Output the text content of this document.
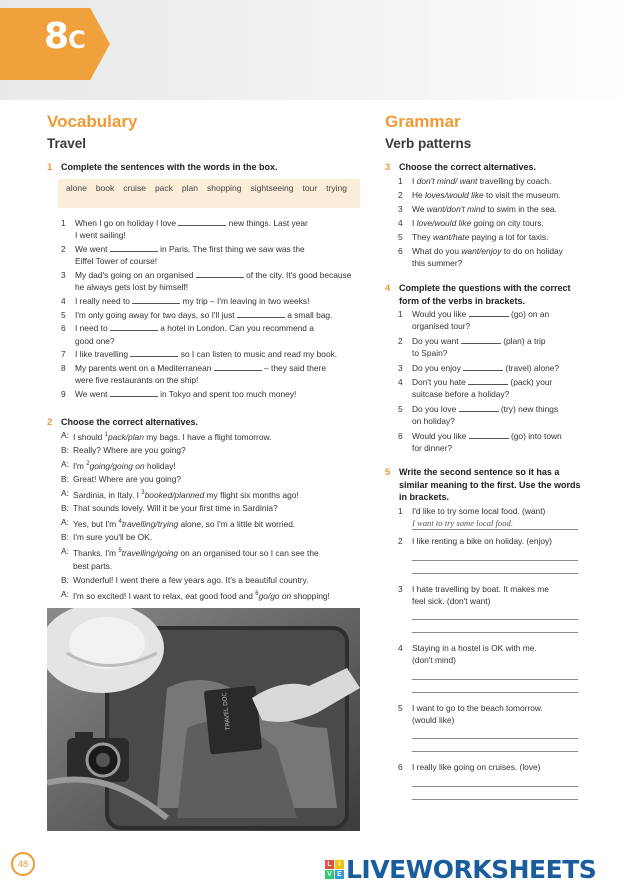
8C
Vocabulary
Travel
1 Complete the sentences with the words in the box.
alone book cruise pack plan shopping sightseeing tour trying
1 When I go on holiday I love	new things. Last year
I went sailing!
2 We went	in Paris. The first thing we saw was the
Eiffel Tower of course!
3 My dad's going on an organised	of the city. It's good because
he always gets lost by himself!
4 I really need to	my trip – I'm leaving in two weeks!
5 I'm only going away for two days, so I'll just	a small bag.
6 I need to	a hotel in London. Can you recommend a
good one?
7 I like travelling	so I can listen to music and read my book.
8 My parents went on a Mediterranean	– they said there
were five restaurants on the ship!
9 We went	in Tokyo and spent too much money!
2 Choose the correct alternatives.
A: I should $^1$pack/plan my bags. I have a flight tomorrow.
B: Really? Where are you going?
A: I'm $^2$going/going on holiday!
B: Great! Where are you going?
A: Sardinia, in Italy. I $^3$booked/planned my flight six months ago!
B: That sounds lovely. Will it be your first time in Sardinia?
A: Yes, but I'm $^4$travelling/trying alone, so I'm a little bit worried.
B: I'm sure you'll be OK.
A: Thanks. I'm $^5$travelling/going on an organised tour so I can see the
best parts.
B: Wonderful! I went there a few years ago. It's a beautiful country.
A: I'm so excited! I want to relax, eat good food and $^6$go/go on shopping!
TRAVEL DOC
Grammar
Verb patterns
3 Choose the correct alternatives.
1 I don't mind/ want travelling by coach.
2 He loves/would like to visit the museum.
3 We want/don't mind to swim in the sea.
4 I love/would like going on city tours.
5 They want/hate paying a lot for taxis.
6 What do you want/enjoy to do on holiday
this summer?
4 Complete the questions with the correct form of the verbs in brackets.
1 Would you like	(go) on an
organised tour?
2 Do you want	(plan) a trip
to Spain?
3 Do you enjoy	(travel) alone?
4 Don't you hate	(pack) your
suitcase before a holiday?
5 Do you love	(try) new things
on holiday?
6 Would you like	(go) into town
for dinner?
5 Write the second sentence so it has a similar meaning to the first. Use the words in brackets.
1 I'd like to try some local food. (want)
I want to try some local food.
2 I like renting a bike on holiday. (enjoy)
3 I hate travelling by boat. It makes me
feel sick. (don't want)
4 Staying in a hostel is OK with me.
(don't mind)
5 I want to go to the beach tomorrow.
(would like)
6 I really like going on cruises. (love)
48	L I
V E LIVEWORKSHEETS
